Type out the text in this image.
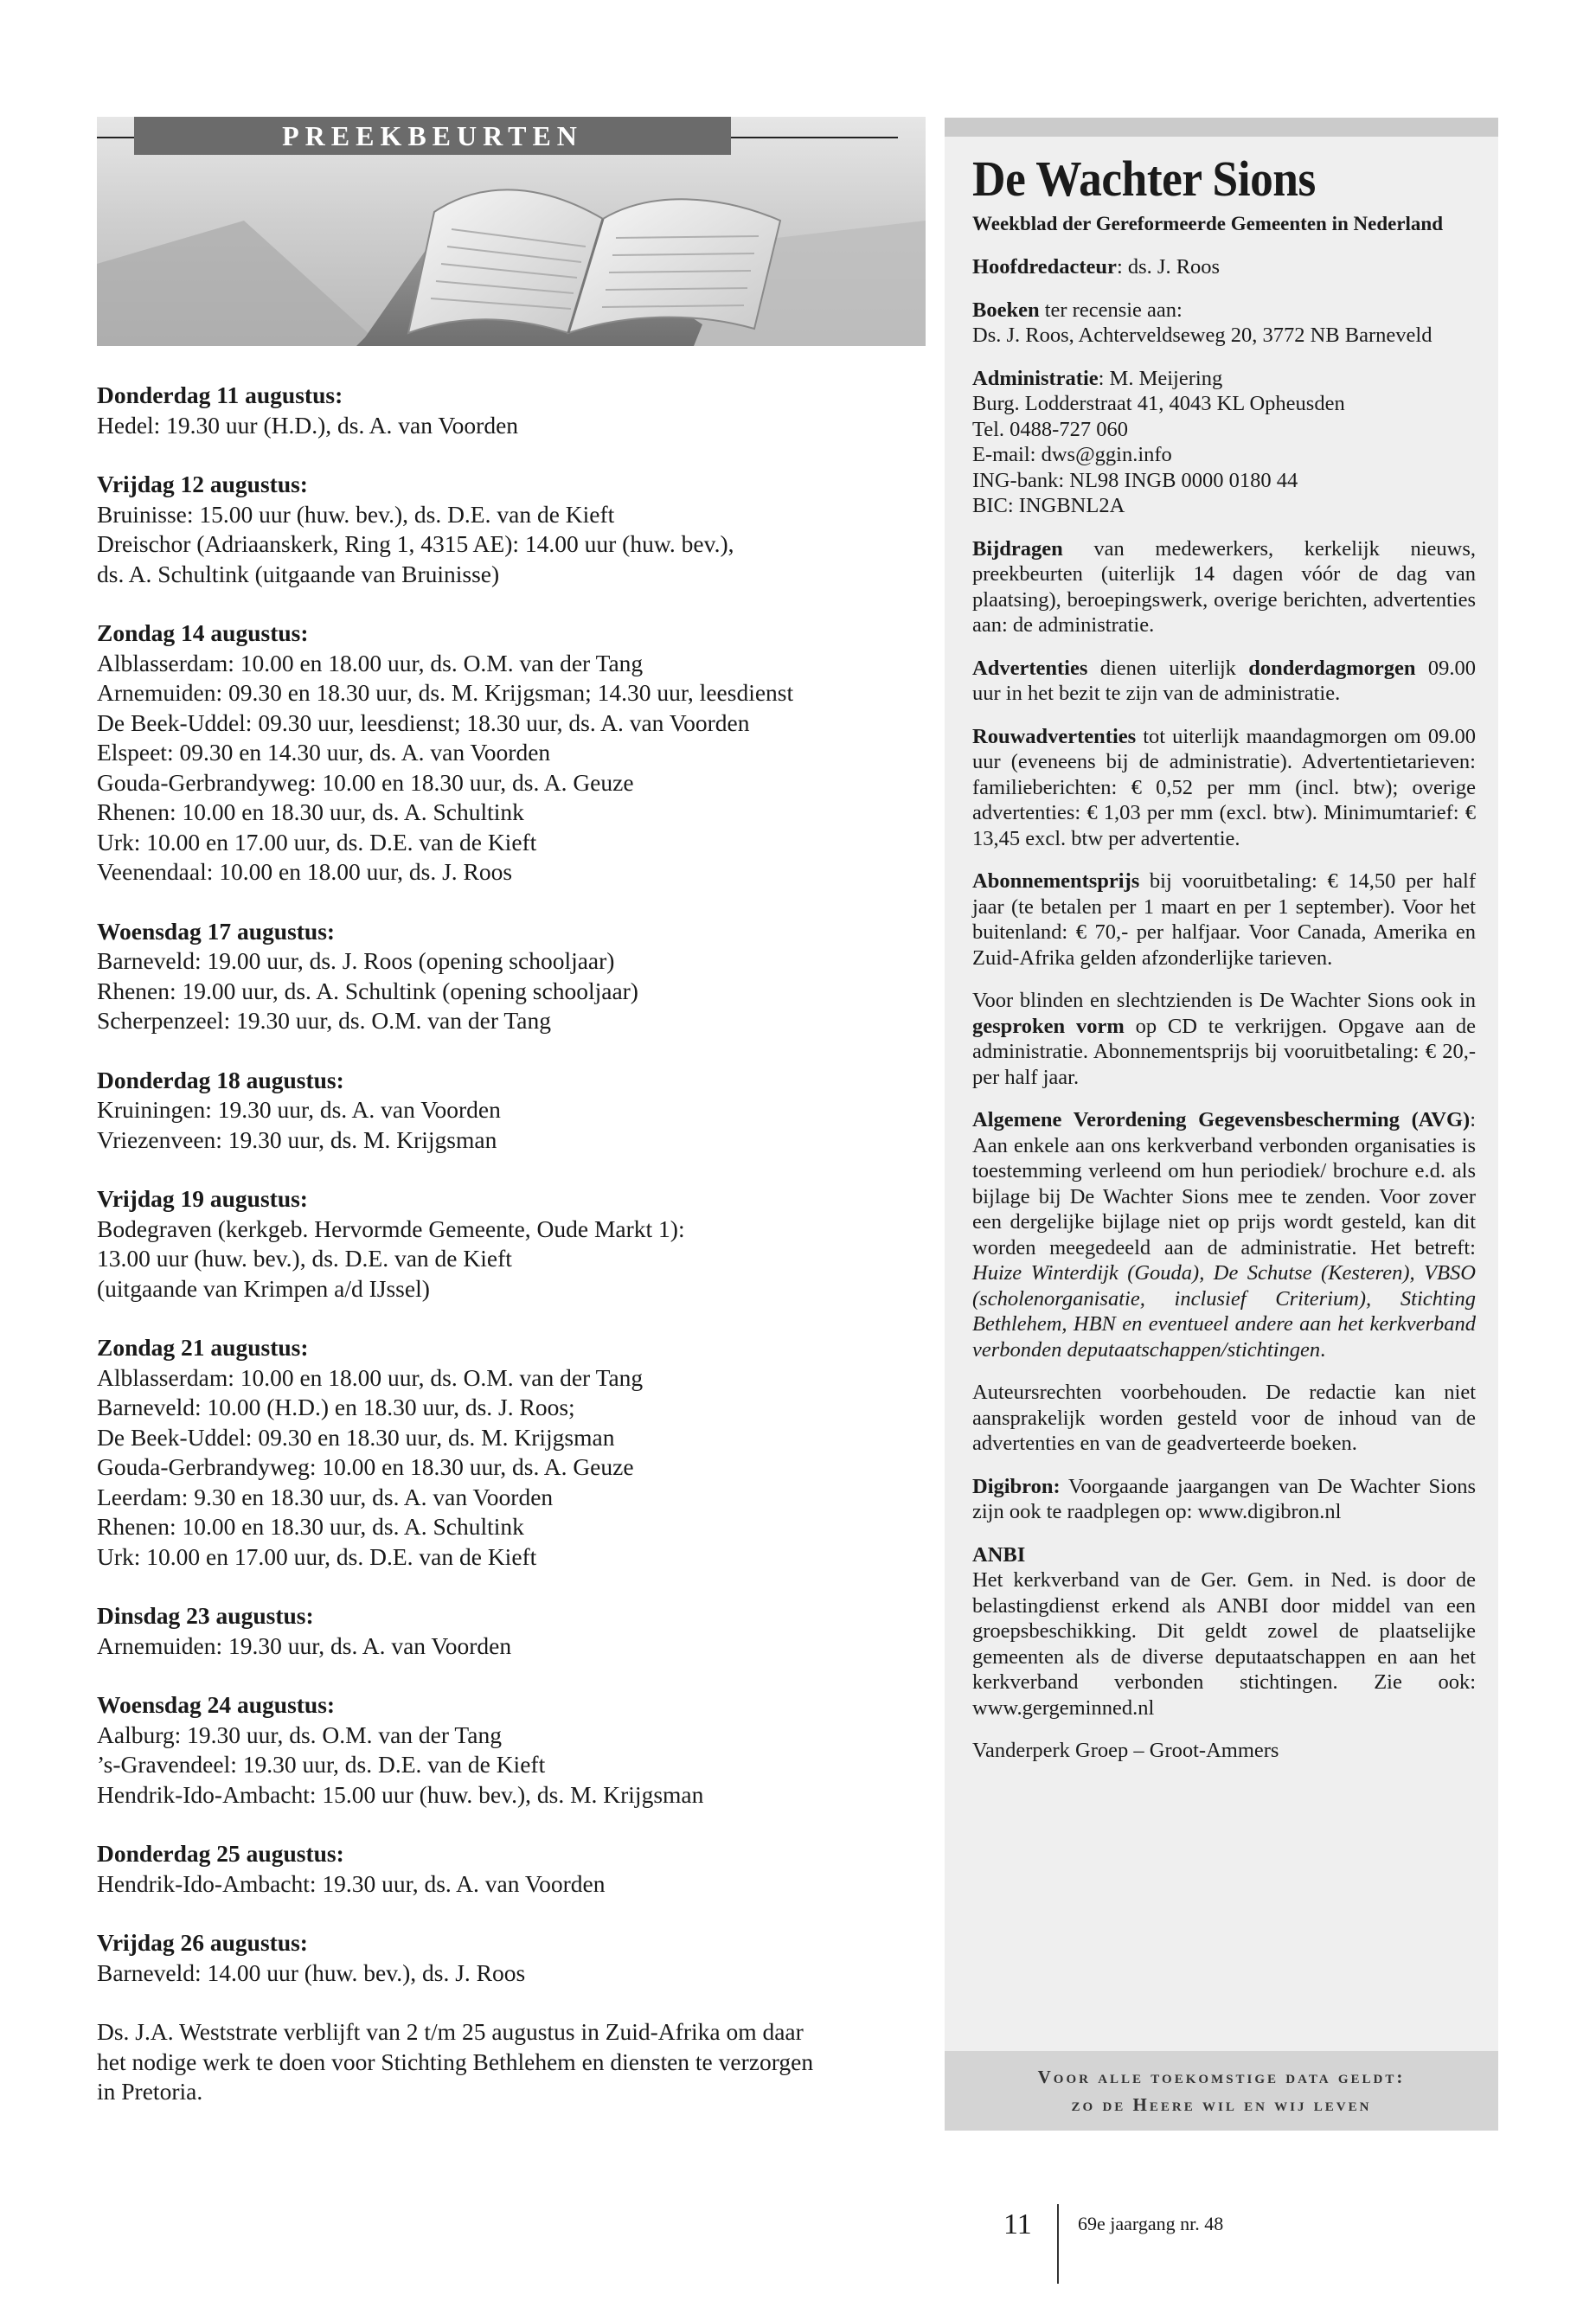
PREEKBEURTEN
Donderdag 11 augustus:
Hedel: 19.30 uur (H.D.), ds. A. van Voorden
Vrijdag 12 augustus:
Bruinisse: 15.00 uur (huw. bev.), ds. D.E. van de Kieft
Dreischor (Adriaanskerk, Ring 1, 4315 AE): 14.00 uur (huw. bev.),
ds. A. Schultink (uitgaande van Bruinisse)
Zondag 14 augustus:
Alblasserdam: 10.00 en 18.00 uur, ds. O.M. van der Tang
Arnemuiden: 09.30 en 18.30 uur, ds. M. Krijgsman; 14.30 uur, leesdienst
De Beek-Uddel: 09.30 uur, leesdienst; 18.30 uur, ds. A. van Voorden
Elspeet: 09.30 en 14.30 uur, ds. A. van Voorden
Gouda-Gerbrandyweg: 10.00 en 18.30 uur, ds. A. Geuze
Rhenen: 10.00 en 18.30 uur, ds. A. Schultink
Urk: 10.00 en 17.00 uur, ds. D.E. van de Kieft
Veenendaal: 10.00 en 18.00 uur, ds. J. Roos
Woensdag 17 augustus:
Barneveld: 19.00 uur, ds. J. Roos (opening schooljaar)
Rhenen: 19.00 uur, ds. A. Schultink (opening schooljaar)
Scherpenzeel: 19.30 uur, ds. O.M. van der Tang
Donderdag 18 augustus:
Kruiningen: 19.30 uur, ds. A. van Voorden
Vriezenveen: 19.30 uur, ds. M. Krijgsman
Vrijdag 19 augustus:
Bodegraven (kerkgeb. Hervormde Gemeente, Oude Markt 1):
13.00 uur (huw. bev.), ds. D.E. van de Kieft
(uitgaande van Krimpen a/d IJssel)
Zondag 21 augustus:
Alblasserdam: 10.00 en 18.00 uur, ds. O.M. van der Tang
Barneveld: 10.00 (H.D.) en 18.30 uur, ds. J. Roos;
De Beek-Uddel: 09.30 en 18.30 uur, ds. M. Krijgsman
Gouda-Gerbrandyweg: 10.00 en 18.30 uur, ds. A. Geuze
Leerdam: 9.30 en 18.30 uur, ds. A. van Voorden
Rhenen: 10.00 en 18.30 uur, ds. A. Schultink
Urk: 10.00 en 17.00 uur, ds. D.E. van de Kieft
Dinsdag 23 augustus:
Arnemuiden: 19.30 uur, ds. A. van Voorden
Woensdag 24 augustus:
Aalburg: 19.30 uur, ds. O.M. van der Tang
’s-Gravendeel: 19.30 uur, ds. D.E. van de Kieft
Hendrik-Ido-Ambacht: 15.00 uur (huw. bev.), ds. M. Krijgsman
Donderdag 25 augustus:
Hendrik-Ido-Ambacht: 19.30 uur, ds. A. van Voorden
Vrijdag 26 augustus:
Barneveld: 14.00 uur (huw. bev.), ds. J. Roos
Ds. J.A. Weststrate verblijft van 2 t/m 25 augustus in Zuid-Afrika om daar
het nodige werk te doen voor Stichting Bethlehem en diensten te verzorgen
in Pretoria.
De Wachter Sions
Weekblad der Gereformeerde Gemeenten in Nederland
Hoofdredacteur: ds. J. Roos
Boeken ter recensie aan:
Ds. J. Roos, Achterveldseweg 20, 3772 NB Barneveld
Administratie: M. Meijering
Burg. Lodderstraat 41, 4043 KL Opheusden
Tel. 0488-727 060
E-mail: dws@ggin.info
ING-bank: NL98 INGB 0000 0180 44
BIC: INGBNL2A
Bijdragen van medewerkers, kerkelijk nieuws, preekbeurten (uiterlijk 14 dagen vóór de dag van plaatsing), beroepingswerk, overige berichten, advertenties aan: de administratie.
Advertenties dienen uiterlijk donderdagmorgen 09.00 uur in het bezit te zijn van de administratie.
Rouwadvertenties tot uiterlijk maandagmorgen om 09.00 uur (eveneens bij de administratie). Advertentietarieven: familieberichten: € 0,52 per mm (incl. btw); overige advertenties: € 1,03 per mm (excl. btw). Minimumtarief: € 13,45 excl. btw per advertentie.
Abonnementsprijs bij vooruitbetaling: € 14,50 per half jaar (te betalen per 1 maart en per 1 september). Voor het buitenland: € 70,- per halfjaar. Voor Canada, Amerika en Zuid-Afrika gelden afzonderlijke tarieven.
Voor blinden en slechtzienden is De Wachter Sions ook in gesproken vorm op CD te verkrijgen. Opgave aan de administratie. Abonnementsprijs bij vooruitbetaling: € 20,- per half jaar.
Algemene Verordening Gegevensbescherming (AVG): Aan enkele aan ons kerkverband verbonden organisaties is toestemming verleend om hun periodiek/ brochure e.d. als bijlage bij De Wachter Sions mee te zenden. Voor zover een dergelijke bijlage niet op prijs wordt gesteld, kan dit worden meegedeeld aan de administratie. Het betreft: Huize Winterdijk (Gouda), De Schutse (Kesteren), VBSO (scholenorganisatie, inclusief Criterium), Stichting Bethlehem, HBN en eventueel andere aan het kerkverband verbonden deputaatschappen/stichtingen.
Auteursrechten voorbehouden. De redactie kan niet aansprakelijk worden gesteld voor de inhoud van de advertenties en van de geadverteerde boeken.
Digibron: Voorgaande jaargangen van De Wachter Sions zijn ook te raadplegen op: www.digibron.nl
ANBI
Het kerkverband van de Ger. Gem. in Ned. is door de belastingdienst erkend als ANBI door middel van een groepsbeschikking. Dit geldt zowel de plaatselijke gemeenten als de diverse deputaatschappen en aan het kerkverband verbonden stichtingen. Zie ook: www.gergeminned.nl
Vanderperk Groep – Groot-Ammers
Voor alle toekomstige data geldt:
zo de Heere wil en wij leven
11 69e jaargang nr. 48
